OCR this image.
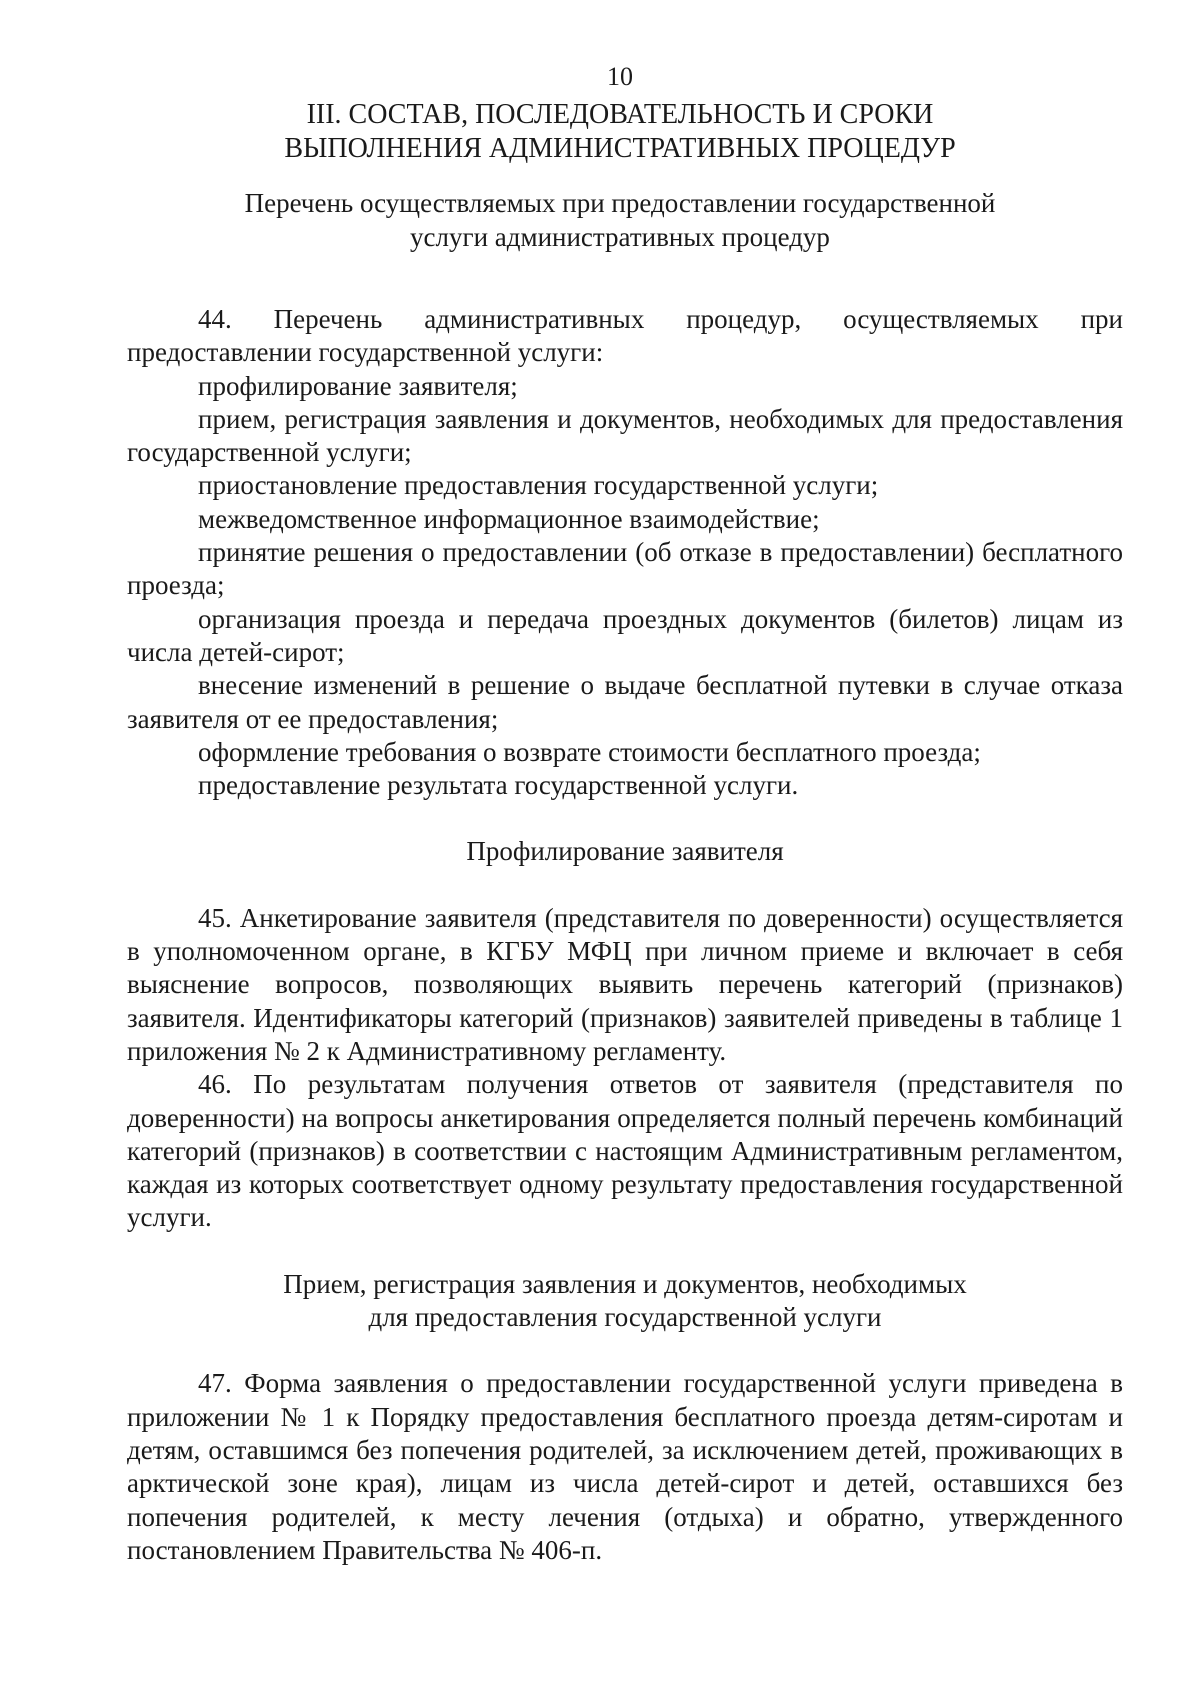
10
III. СОСТАВ, ПОСЛЕДОВАТЕЛЬНОСТЬ И СРОКИ
ВЫПОЛНЕНИЯ АДМИНИСТРАТИВНЫХ ПРОЦЕДУР
Перечень осуществляемых при предоставлении государственной
услуги административных процедур

44. Перечень административных процедур, осуществляемых при предоставлении государственной услуги:

профилирование заявителя;

прием, регистрация заявления и документов, необходимых для предоставления государственной услуги;

приостановление предоставления государственной услуги;

межведомственное информационное взаимодействие;

принятие решения о предоставлении (об отказе в предоставлении) бесплатного проезда;

организация проезда и передача проездных документов (билетов) лицам из числа детей-сирот;

внесение изменений в решение о выдаче бесплатной путевки в случае отказа заявителя от ее предоставления;

оформление требования о возврате стоимости бесплатного проезда;

предоставление результата государственной услуги.

Профилирование заявителя

45. Анкетирование заявителя (представителя по доверенности) осуществляется в уполномоченном органе, в КГБУ МФЦ при личном приеме и включает в себя выяснение вопросов, позволяющих выявить перечень категорий (признаков) заявителя. Идентификаторы категорий (признаков) заявителей приведены в таблице 1 приложения № 2 к Административному регламенту.

46. По результатам получения ответов от заявителя (представителя по доверенности) на вопросы анкетирования определяется полный перечень комбинаций категорий (признаков) в соответствии с настоящим Административным регламентом, каждая из которых соответствует одному результату предоставления государственной услуги.

Прием, регистрация заявления и документов, необходимых

для предоставления государственной услуги

47. Форма заявления о предоставлении государственной услуги приведена в приложении № 1 к Порядку предоставления бесплатного проезда детям-сиротам и детям, оставшимся без попечения родителей, за исключением детей, проживающих в арктической зоне края), лицам из числа детей-сирот и детей, оставшихся без попечения родителей, к месту лечения (отдыха) и обратно, утвержденного постановлением Правительства № 406-п.
